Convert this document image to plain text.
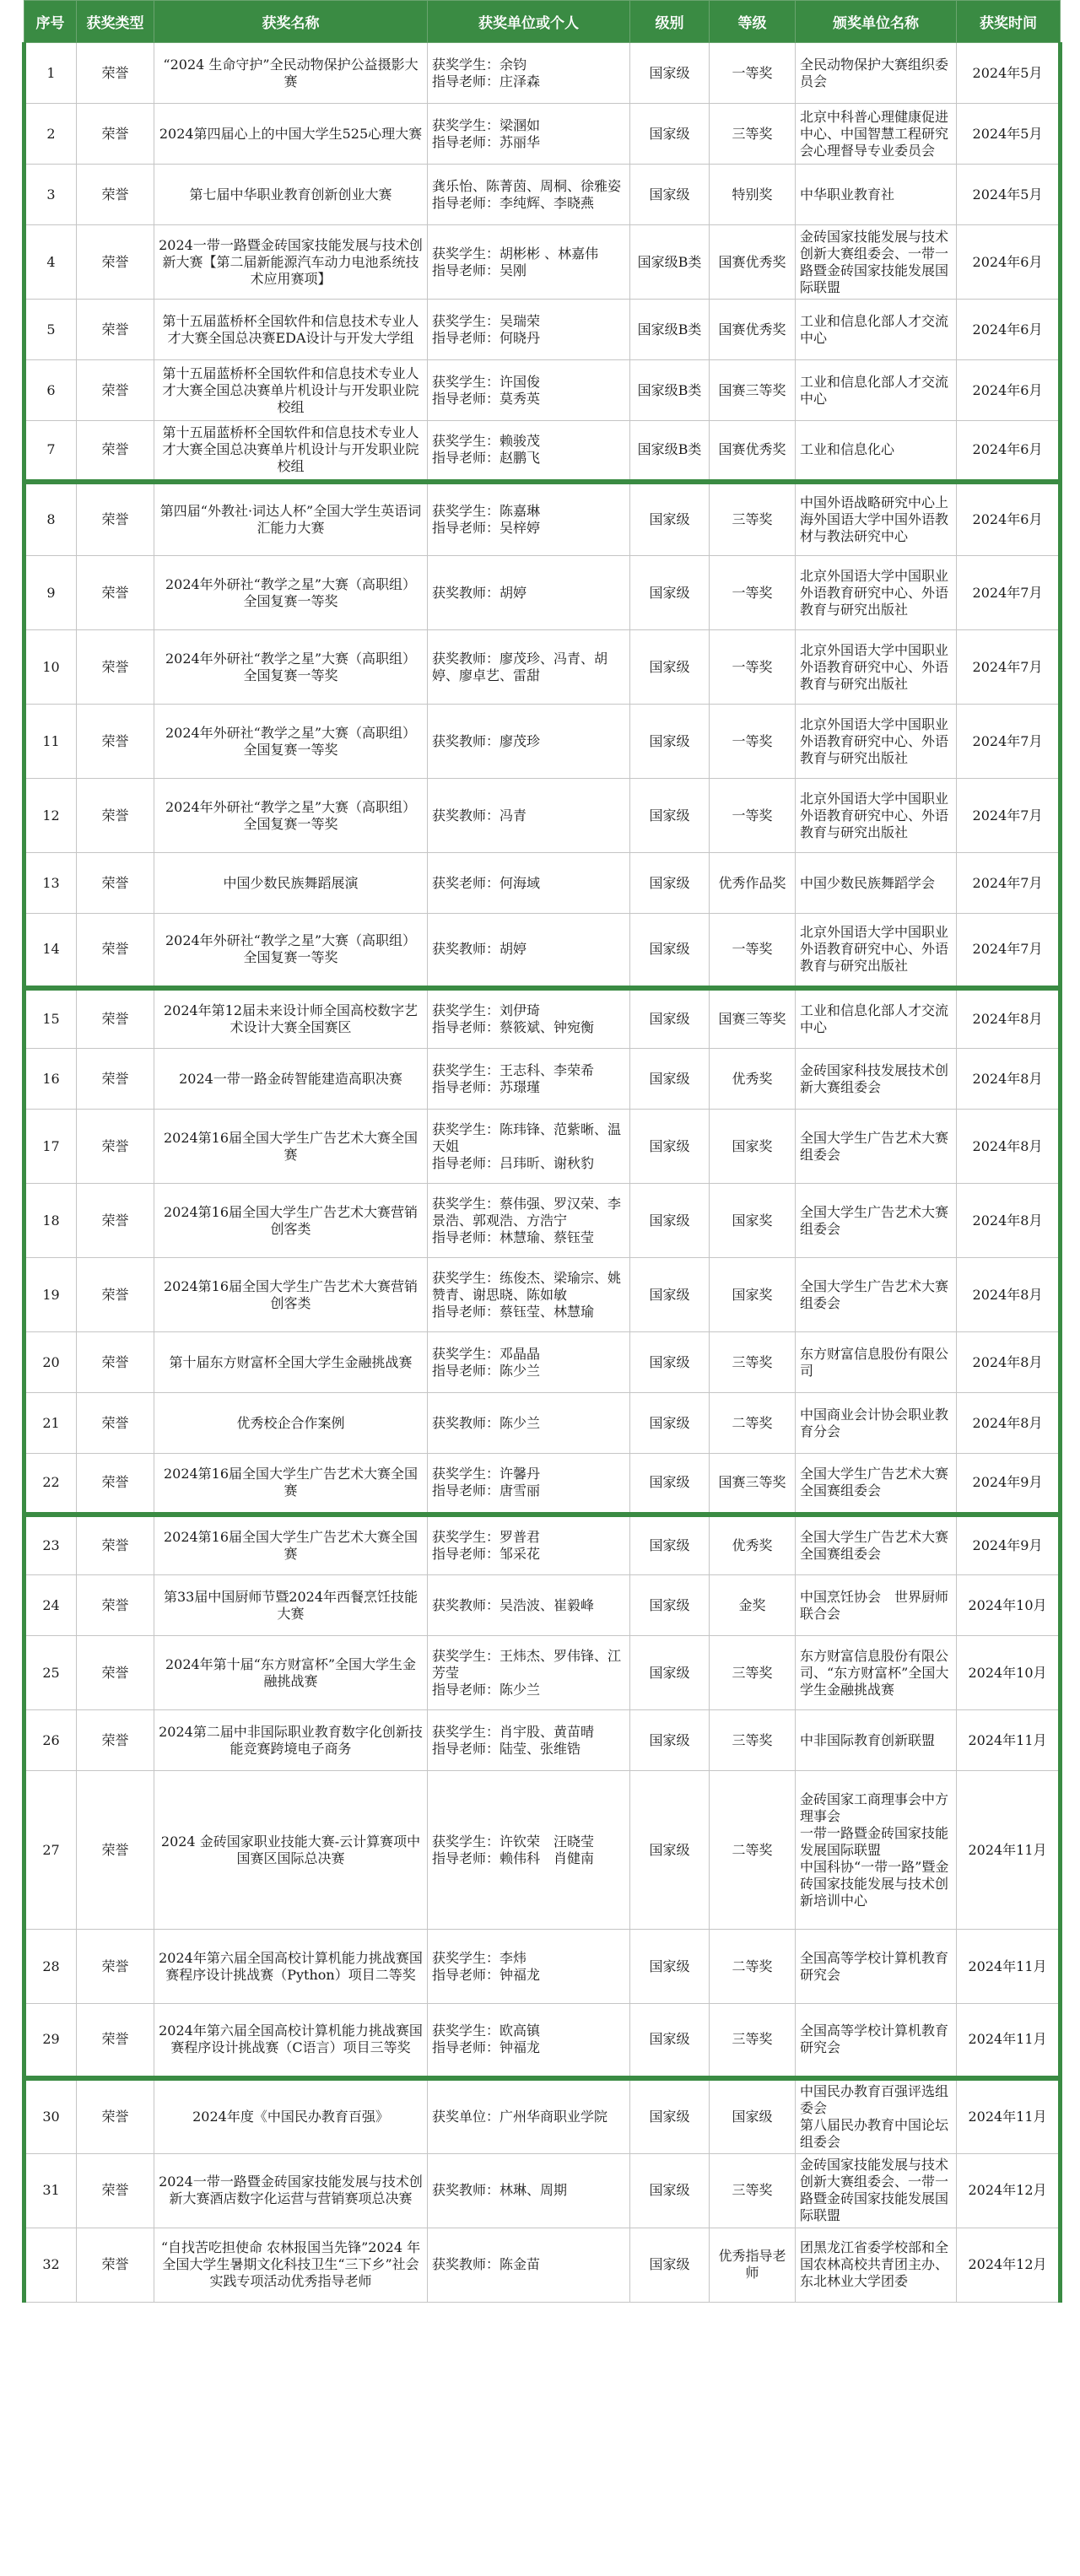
序号	获奖类型	获奖名称	获奖单位或个人	级别	等级	颁奖单位名称	获奖时间
1	荣誉	“2024 生命守护”全民动物保护公益摄影大赛	获奖学生：余钧
指导老师：庄泽森	国家级	一等奖	全民动物保护大赛组织委员会	2024年5月
2	荣誉	2024第四届心上的中国大学生525心理大赛	获奖学生：梁溷如
指导老师：苏丽华	国家级	三等奖	北京中科普心理健康促进中心、中国智慧工程研究会心理督导专业委员会	2024年5月
3	荣誉	第七届中华职业教育创新创业大赛	龚乐怡、陈菁茵、周桐、徐雅姿
指导老师：李纯辉、李晓燕	国家级	特别奖	中华职业教育社	2024年5月
4	荣誉	2024一带一路暨金砖国家技能发展与技术创新大赛【第二届新能源汽车动力电池系统技术应用赛项】	获奖学生：胡彬彬 、林嘉伟
指导老师：吴刚	国家级B类	国赛优秀奖	金砖国家技能发展与技术创新大赛组委会、一带一路暨金砖国家技能发展国际联盟	2024年6月
5	荣誉	第十五届蓝桥杯全国软件和信息技术专业人才大赛全国总决赛EDA设计与开发大学组	获奖学生：吴瑞荣
指导老师：何晓丹	国家级B类	国赛优秀奖	工业和信息化部人才交流中心	2024年6月
6	荣誉	第十五届蓝桥杯全国软件和信息技术专业人才大赛全国总决赛单片机设计与开发职业院校组	获奖学生：许国俊
指导老师：莫秀英	国家级B类	国赛三等奖	工业和信息化部人才交流中心	2024年6月
7	荣誉	第十五届蓝桥杯全国软件和信息技术专业人才大赛全国总决赛单片机设计与开发职业院校组	获奖学生：赖骏茂
指导老师：赵鹏飞	国家级B类	国赛优秀奖	工业和信息化心	2024年6月
8	荣誉	第四届“外教社·词达人杯”全国大学生英语词汇能力大赛	获奖学生：陈嘉琳
指导老师：吴梓婷	国家级	三等奖	中国外语战略研究中心上海外国语大学中国外语教材与教法研究中心	2024年6月
9	荣誉	2024年外研社“教学之星”大赛（高职组）全国复赛一等奖	获奖教师：胡婷	国家级	一等奖	北京外国语大学中国职业外语教育研究中心、外语教育与研究出版社	2024年7月
10	荣誉	2024年外研社“教学之星”大赛（高职组）全国复赛一等奖	获奖教师：廖茂珍、冯青、胡婷、廖卓艺、雷甜	国家级	一等奖	北京外国语大学中国职业外语教育研究中心、外语教育与研究出版社	2024年7月
11	荣誉	2024年外研社“教学之星”大赛（高职组）全国复赛一等奖	获奖教师：廖茂珍	国家级	一等奖	北京外国语大学中国职业外语教育研究中心、外语教育与研究出版社	2024年7月
12	荣誉	2024年外研社“教学之星”大赛（高职组）全国复赛一等奖	获奖教师：冯青	国家级	一等奖	北京外国语大学中国职业外语教育研究中心、外语教育与研究出版社	2024年7月
13	荣誉	中国少数民族舞蹈展演	获奖老师：何海域	国家级	优秀作品奖	中国少数民族舞蹈学会	2024年7月
14	荣誉	2024年外研社“教学之星”大赛（高职组）全国复赛一等奖	获奖教师：胡婷	国家级	一等奖	北京外国语大学中国职业外语教育研究中心、外语教育与研究出版社	2024年7月
15	荣誉	2024年第12届未来设计师全国高校数字艺术设计大赛全国赛区	获奖学生：刘伊琦
指导老师：蔡筱斌、钟宛衡	国家级	国赛三等奖	工业和信息化部人才交流中心	2024年8月
16	荣誉	2024一带一路金砖智能建造高职决赛	获奖学生：王志科、李荣希
指导老师：苏璟瑾	国家级	优秀奖	金砖国家科技发展技术创新大赛组委会	2024年8月
17	荣誉	2024第16届全国大学生广告艺术大赛全国赛	获奖学生：陈玮锋、范紫晰、温天姐
指导老师：吕玮昕、谢秋豹	国家级	国家奖	全国大学生广告艺术大赛组委会	2024年8月
18	荣誉	2024第16届全国大学生广告艺术大赛营销创客类	获奖学生：蔡伟强、罗汉荣、李景浩、郭观浩、方浩宁
指导老师：林慧瑜、蔡钰莹	国家级	国家奖	全国大学生广告艺术大赛组委会	2024年8月
19	荣誉	2024第16届全国大学生广告艺术大赛营销创客类	获奖学生：练俊杰、梁瑜宗、姚赞青、谢思晓、陈如敏
指导老师：蔡钰莹、林慧瑜	国家级	国家奖	全国大学生广告艺术大赛组委会	2024年8月
20	荣誉	第十届东方财富杯全国大学生金融挑战赛	获奖学生：邓晶晶
指导老师：陈少兰	国家级	三等奖	东方财富信息股份有限公司	2024年8月
21	荣誉	优秀校企合作案例	获奖教师：陈少兰	国家级	二等奖	中国商业会计协会职业教育分会	2024年8月
22	荣誉	2024第16届全国大学生广告艺术大赛全国赛	获奖学生：许馨丹
指导老师：唐雪丽	国家级	国赛三等奖	全国大学生广告艺术大赛全国赛组委会	2024年9月
23	荣誉	2024第16届全国大学生广告艺术大赛全国赛	获奖学生：罗普君
指导老师：邹采花	国家级	优秀奖	全国大学生广告艺术大赛全国赛组委会	2024年9月
24	荣誉	第33届中国厨师节暨2024年西餐烹饪技能大赛	获奖教师：吴浩波、崔毅峰	国家级	金奖	中国烹饪协会　世界厨师联合会	2024年10月
25	荣誉	2024年第十届“东方财富杯”全国大学生金融挑战赛	获奖学生：王炜杰、罗伟锋、江芳莹
指导老师：陈少兰	国家级	三等奖	东方财富信息股份有限公司、“东方财富杯”全国大学生金融挑战赛	2024年10月
26	荣誉	2024第二届中非国际职业教育数字化创新技能竞赛跨境电子商务	获奖学生：肖宇股、黄苗晴
指导老师：陆莹、张维锆	国家级	三等奖	中非国际教育创新联盟	2024年11月
27	荣誉	2024 金砖国家职业技能大赛-云计算赛项中国赛区国际总决赛	获奖学生：许钦荣　汪晓莹
指导老师：赖伟科　肖健南	国家级	二等奖	金砖国家工商理事会中方理事会
一带一路暨金砖国家技能发展国际联盟
中国科协“一带一路”暨金砖国家技能发展与技术创新培训中心	2024年11月
28	荣誉	2024年第六届全国高校计算机能力挑战赛国赛程序设计挑战赛（Python）项目二等奖	获奖学生：李炜
指导老师：钟福龙	国家级	二等奖	全国高等学校计算机教育研究会	2024年11月
29	荣誉	2024年第六届全国高校计算机能力挑战赛国赛程序设计挑战赛（C语言）项目三等奖	获奖学生：欧高镇
指导老师：钟福龙	国家级	三等奖	全国高等学校计算机教育研究会	2024年11月
30	荣誉	2024年度《中国民办教育百强》	获奖单位：广州华商职业学院	国家级	国家级	中国民办教育百强评选组委会
第八届民办教育中国论坛组委会	2024年11月
31	荣誉	2024一带一路暨金砖国家技能发展与技术创新大赛酒店数字化运营与营销赛项总决赛	获奖教师：林琳、周期	国家级	三等奖	金砖国家技能发展与技术创新大赛组委会、一带一路暨金砖国家技能发展国际联盟	2024年12月
32	荣誉	“自找苦吃担使命 农林报国当先锋”2024 年全国大学生暑期文化科技卫生“三下乡”社会实践专项活动优秀指导老师	获奖教师：陈金苗	国家级	优秀指导老师	团黑龙江省委学校部和全国农林高校共青团主办、东北林业大学团委	2024年12月
